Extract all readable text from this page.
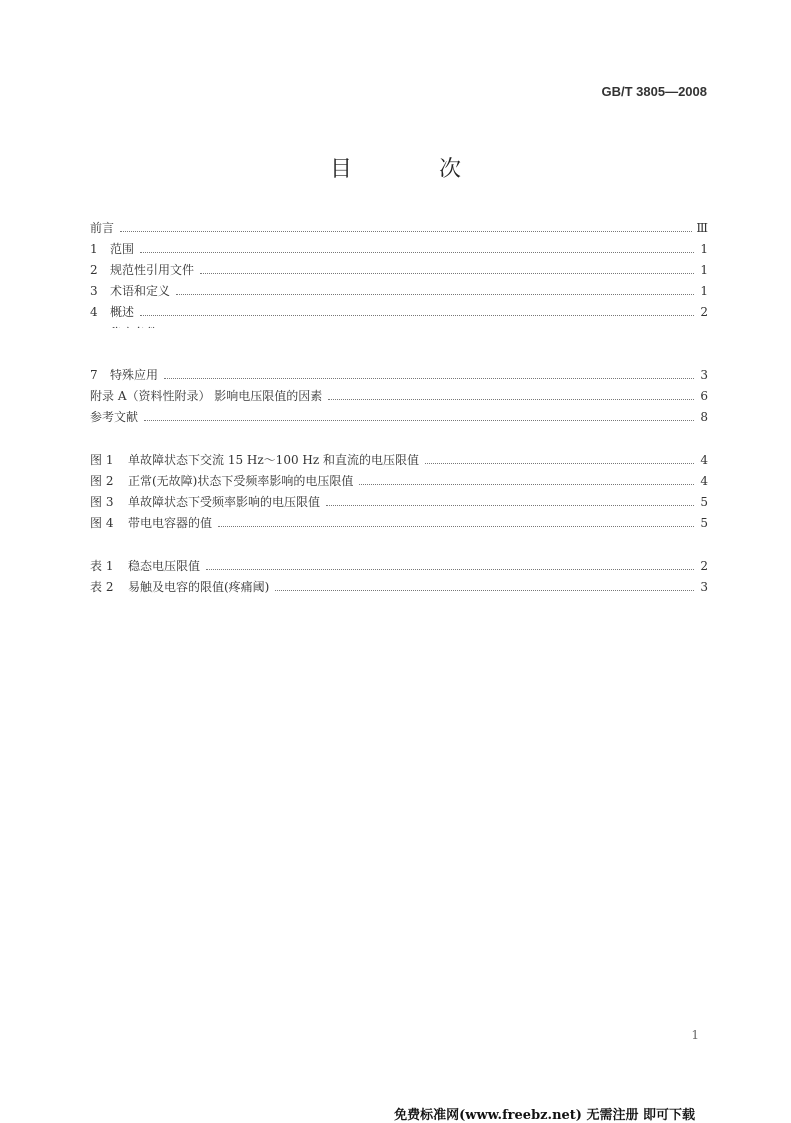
GB/T 3805—2008
目 次
前言	Ⅲ
1 范围	1
2 规范性引用文件	1
3 术语和定义	1
4 概述	2
7 特殊应用	3
附录 A（资料性附录） 影响电压限值的因素	6
参考文献	8
图 1 单故障状态下交流 15 Hz～100 Hz 和直流的电压限值	4
图 2 正常(无故障)状态下受频率影响的电压限值	4
图 3 单故障状态下受频率影响的电压限值	5
图 4 带电电容器的值	5
表 1 稳态电压限值	2
表 2 易触及电容的限值(疼痛阈)	3
1
免费标准网(www.freebz.net) 无需注册 即可下载
